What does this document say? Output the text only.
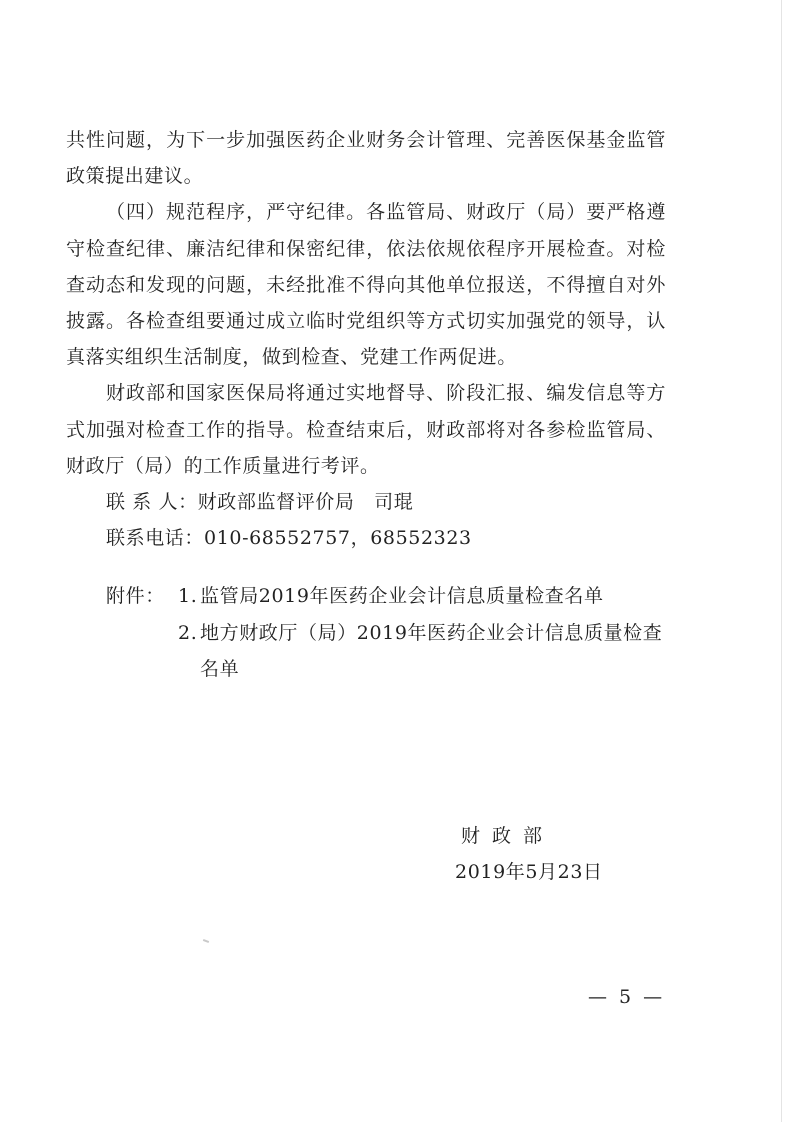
共性问题，为下一步加强医药企业财务会计管理、完善医保基金监管政策提出建议。

（四）规范程序，严守纪律。各监管局、财政厅（局）要严格遵守检查纪律、廉洁纪律和保密纪律，依法依规依程序开展检查。对检查动态和发现的问题，未经批准不得向其他单位报送，不得擅自对外披露。各检查组要通过成立临时党组织等方式切实加强党的领导，认真落实组织生活制度，做到检查、党建工作两促进。

财政部和国家医保局将通过实地督导、阶段汇报、编发信息等方式加强对检查工作的指导。检查结束后，财政部将对各参检监管局、财政厅（局）的工作质量进行考评。

联 系 人：财政部监督评价局　司琨
联系电话：010-68552757，68552323
附件： 1. 监管局2019年医药企业会计信息质量检查名单
2. 地方财政厅（局）2019年医药企业会计信息质量检查名单
财政部
2019年5月23日
— 5 —
